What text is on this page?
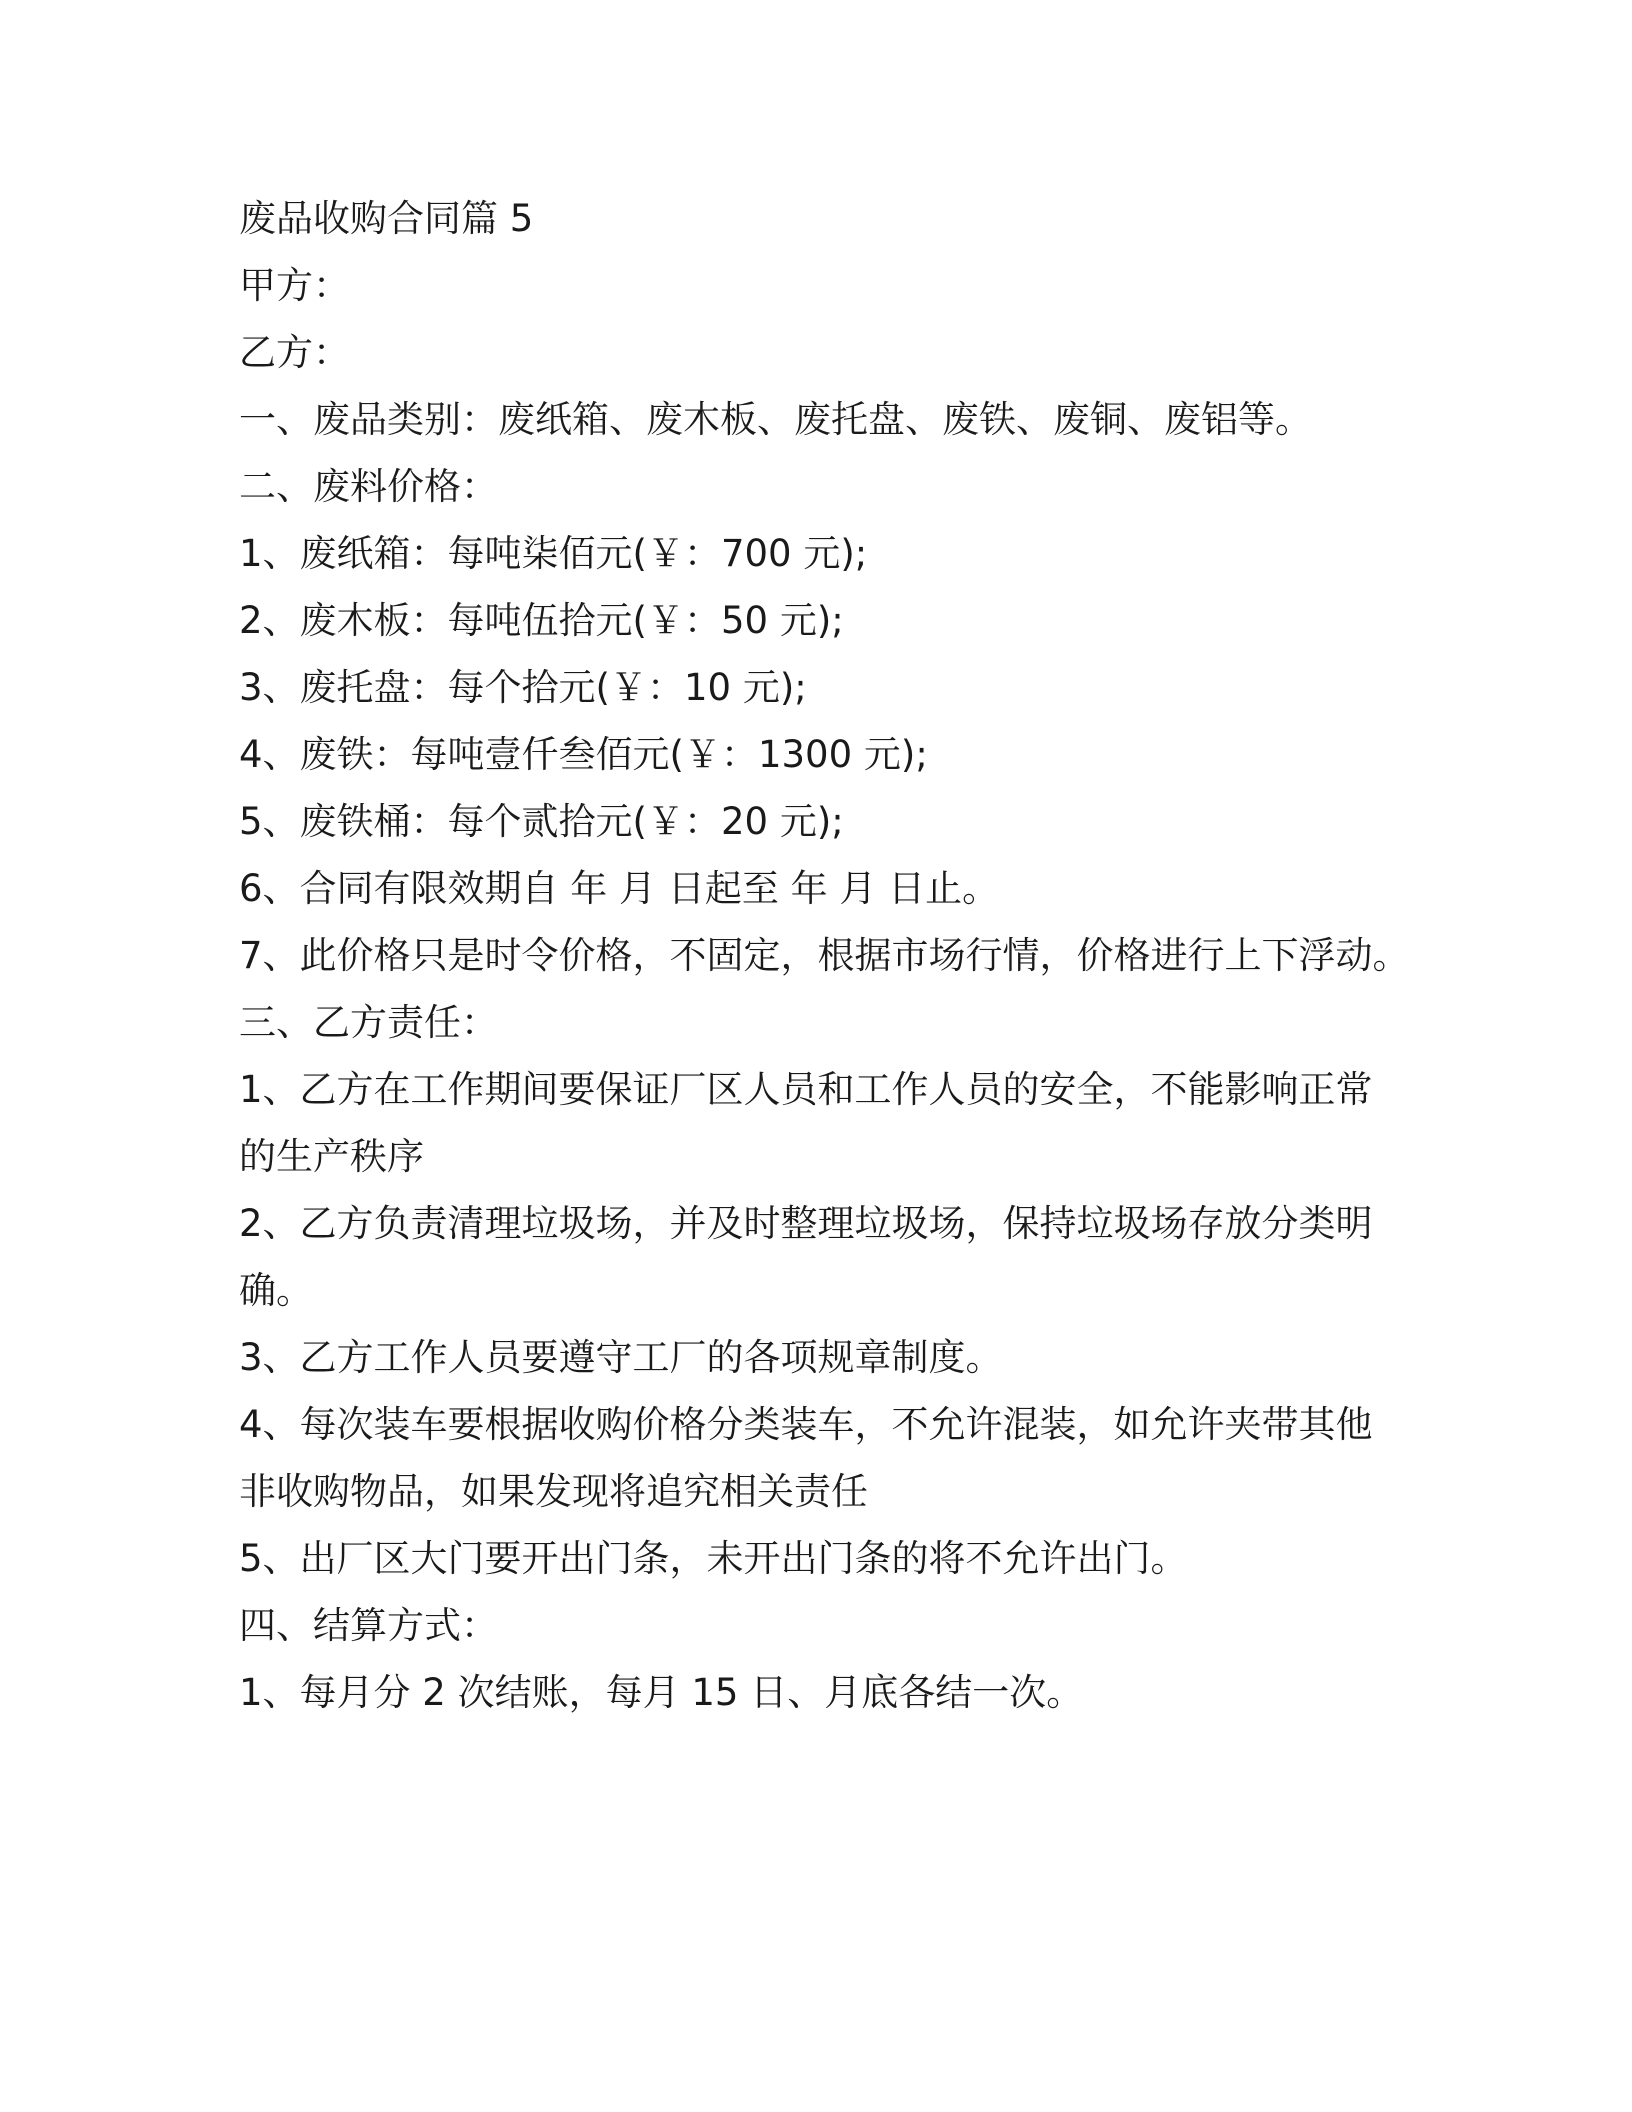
废品收购合同篇 5

甲方：

乙方：

一、废品类别：废纸箱、废木板、废托盘、废铁、废铜、废铝等。

二、废料价格：

1、废纸箱：每吨柒佰元(￥：700 元);

2、废木板：每吨伍拾元(￥：50 元);

3、废托盘：每个拾元(￥：10 元);

4、废铁：每吨壹仟叁佰元(￥：1300 元);

5、废铁桶：每个贰拾元(￥：20 元);

6、合同有限效期自 年 月 日起至 年 月 日止。

7、此价格只是时令价格，不固定，根据市场行情，价格进行上下浮动。

三、乙方责任：

1、乙方在工作期间要保证厂区人员和工作人员的安全，不能影响正常的生产秩序

2、乙方负责清理垃圾场，并及时整理垃圾场，保持垃圾场存放分类明确。

3、乙方工作人员要遵守工厂的各项规章制度。

4、每次装车要根据收购价格分类装车，不允许混装，如允许夹带其他非收购物品，如果发现将追究相关责任

5、出厂区大门要开出门条，未开出门条的将不允许出门。

四、结算方式：

1、每月分 2 次结账，每月 15 日、月底各结一次。
